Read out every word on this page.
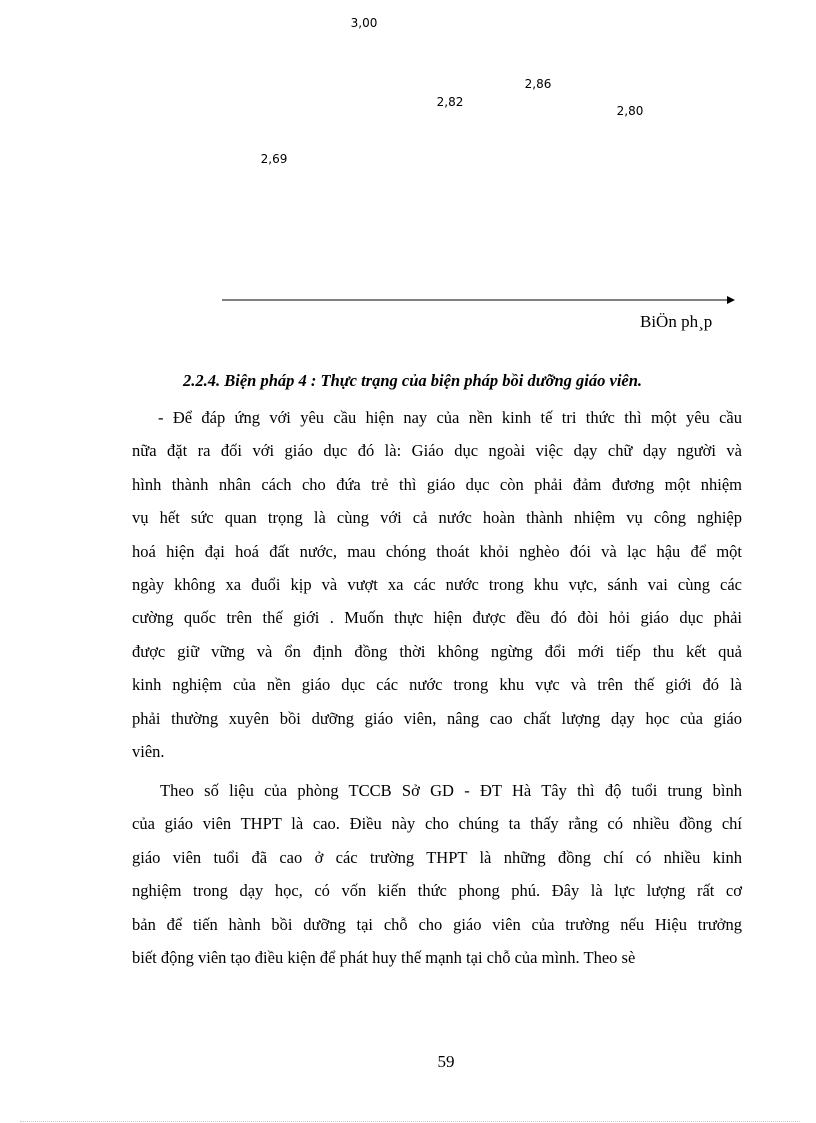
2,69
3,00
2,82
2,86
2,80
BiÖn ph¸p
2.2.4. Biện pháp 4 : Thực trạng của biện pháp bồi dưỡng giáo viên.
- Để đáp ứng với yêu cầu hiện nay của nền kinh tế tri thức thì một yêu cầu
nữa đặt ra đối với giáo dục đó là: Giáo dục ngoài việc dạy chữ dạy người và
hình thành nhân cách cho đứa trẻ thì giáo dục còn phải đảm đương một nhiệm
vụ hết sức quan trọng là cùng với cả nước hoàn thành nhiệm vụ công nghiệp
hoá hiện đại hoá đất nước, mau chóng thoát khỏi nghèo đói và lạc hậu để một
ngày không xa đuổi kịp và vượt xa các nước trong khu vực, sánh vai cùng các
cường quốc trên thế giới . Muốn thực hiện được đều đó đòi hỏi giáo dục phải
được giữ vững và ổn định đồng thời không ngừng đổi mới tiếp thu kết quả
kinh nghiệm của nền giáo dục các nước trong khu vực và trên thế giới đó là
phải thường xuyên bồi dưỡng giáo viên, nâng cao chất lượng dạy học của giáo
viên.
Theo số liệu của phòng TCCB Sở GD - ĐT Hà Tây thì độ tuổi trung bình
của giáo viên THPT là cao. Điều này cho chúng ta thấy rằng có nhiều đồng chí
giáo viên tuổi đã cao ở các trường THPT là những đồng chí có nhiều kinh
nghiệm trong dạy học, có vốn kiến thức phong phú. Đây là lực lượng rất cơ
bản để tiến hành bồi dưỡng tại chỗ cho giáo viên của trường nếu Hiệu trưởng
biết động viên tạo điều kiện để phát huy thế mạnh tại chỗ của mình. Theo sè
59
